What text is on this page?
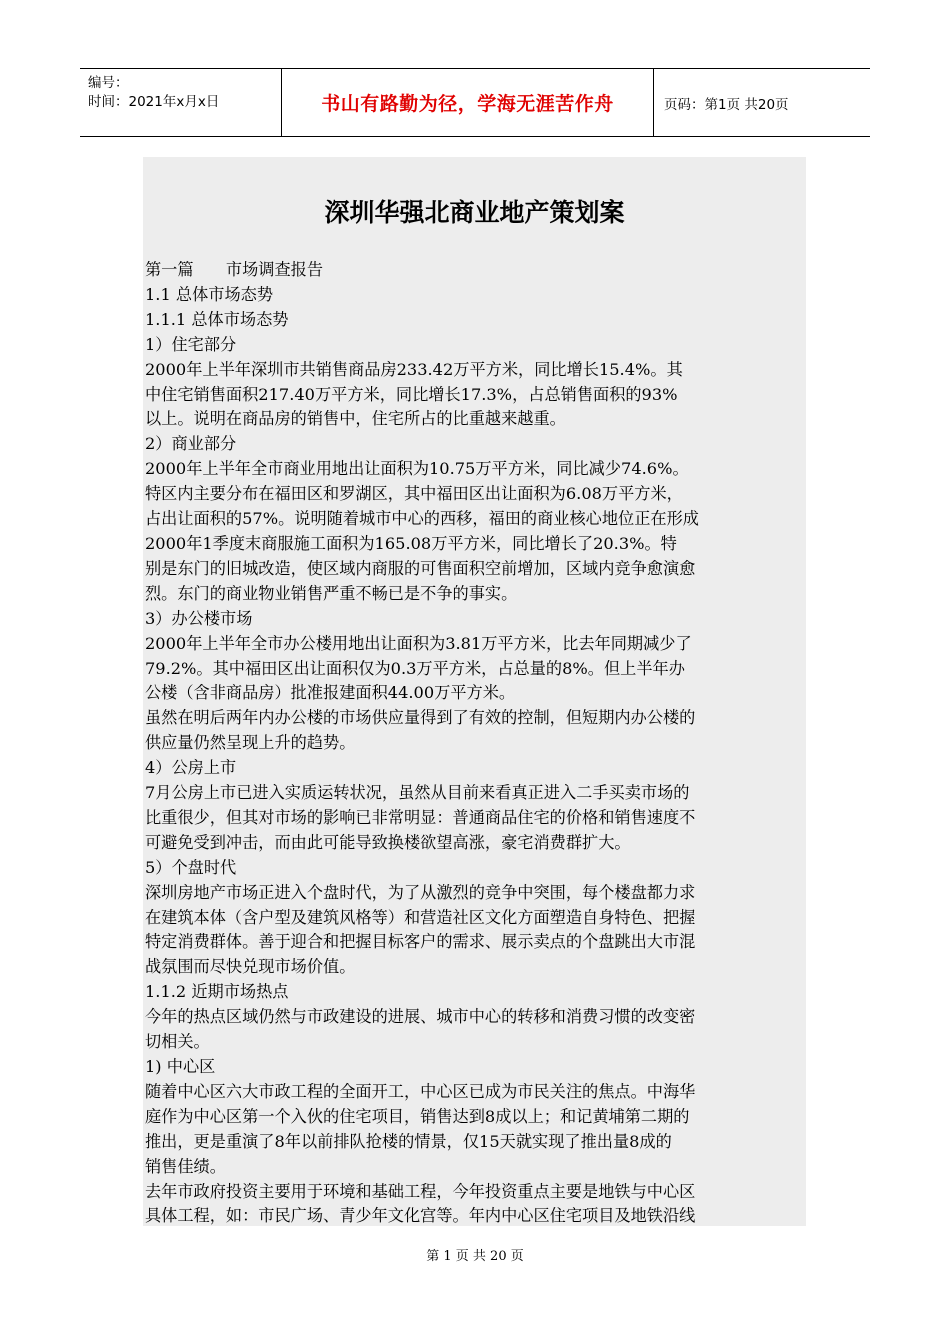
编号：
时间：2021年x月x日	书山有路勤为径，学海无涯苦作舟	页码：第1页 共20页
深圳华强北商业地产策划案

第一篇　　市场调查报告

1.1 总体市场态势

1.1.1 总体市场态势

1）住宅部分

2000年上半年深圳市共销售商品房233.42万平方米，同比增长15.4%。其

中住宅销售面积217.40万平方米，同比增长17.3%，占总销售面积的93%

以上。说明在商品房的销售中，住宅所占的比重越来越重。

2）商业部分

2000年上半年全市商业用地出让面积为10.75万平方米，同比减少74.6%。

特区内主要分布在福田区和罗湖区，其中福田区出让面积为6.08万平方米，

占出让面积的57%。说明随着城市中心的西移，福田的商业核心地位正在形成

2000年1季度末商服施工面积为165.08万平方米，同比增长了20.3%。特

别是东门的旧城改造，使区域内商服的可售面积空前增加，区域内竞争愈演愈

烈。东门的商业物业销售严重不畅已是不争的事实。

3）办公楼市场

2000年上半年全市办公楼用地出让面积为3.81万平方米，比去年同期减少了

79.2%。其中福田区出让面积仅为0.3万平方米，占总量的8%。但上半年办

公楼（含非商品房）批准报建面积44.00万平方米。

虽然在明后两年内办公楼的市场供应量得到了有效的控制，但短期内办公楼的

供应量仍然呈现上升的趋势。

4）公房上市

7月公房上市已进入实质运转状况，虽然从目前来看真正进入二手买卖市场的

比重很少，但其对市场的影响已非常明显：普通商品住宅的价格和销售速度不

可避免受到冲击，而由此可能导致换楼欲望高涨，豪宅消费群扩大。

5）个盘时代

深圳房地产市场正进入个盘时代，为了从激烈的竞争中突围，每个楼盘都力求

在建筑本体（含户型及建筑风格等）和营造社区文化方面塑造自身特色、把握

特定消费群体。善于迎合和把握目标客户的需求、展示卖点的个盘跳出大市混

战氛围而尽快兑现市场价值。

1.1.2 近期市场热点

今年的热点区域仍然与市政建设的进展、城市中心的转移和消费习惯的改变密

切相关。

1) 中心区

随着中心区六大市政工程的全面开工，中心区已成为市民关注的焦点。中海华

庭作为中心区第一个入伙的住宅项目，销售达到8成以上；和记黄埔第二期的

推出，更是重演了8年以前排队抢楼的情景，仅15天就实现了推出量8成的

销售佳绩。

去年市政府投资主要用于环境和基础工程，今年投资重点主要是地铁与中心区

具体工程，如：市民广场、青少年文化宫等。年内中心区住宅项目及地铁沿线

第 1 页 共 20 页
